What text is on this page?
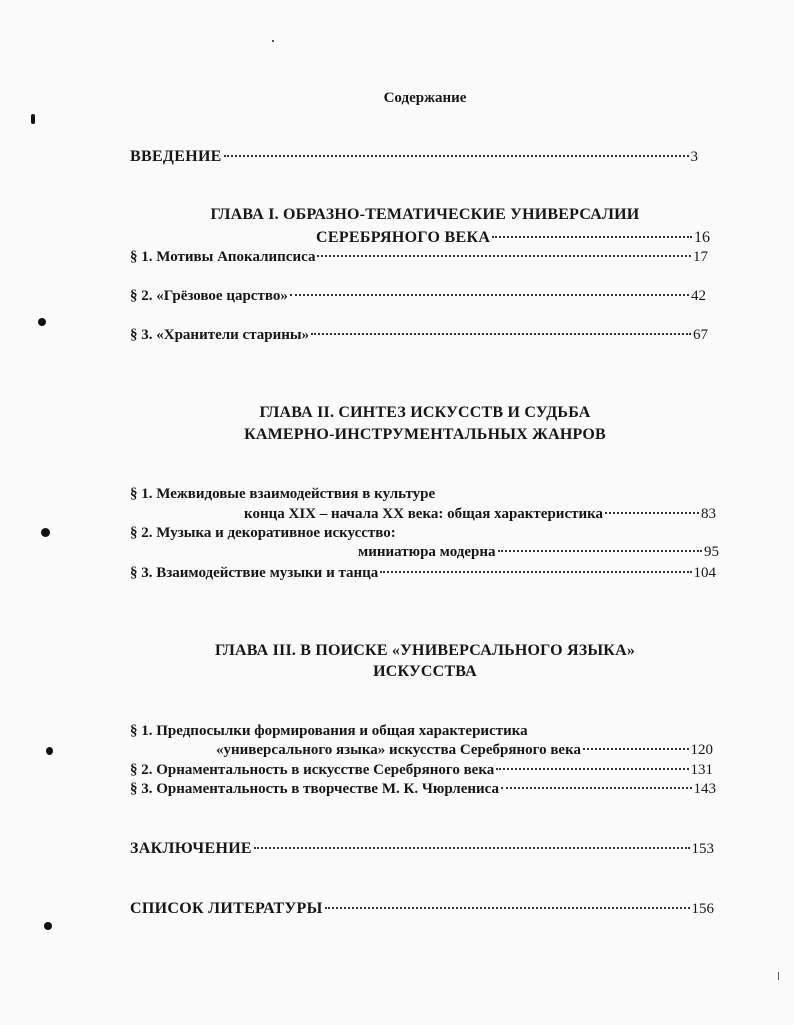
Содержание
ВВЕДЕНИЕ	3
ГЛАВА I. ОБРАЗНО-ТЕМАТИЧЕСКИЕ УНИВЕРСАЛИИ
СЕРЕБРЯНОГО ВЕКА	16
§ 1. Мотивы Апокалипсиса	17
§ 2. «Грёзовое царство»	42
§ 3. «Хранители старины»	67
ГЛАВА II. СИНТЕЗ ИСКУССТВ И СУДЬБА
КАМЕРНО-ИНСТРУМЕНТАЛЬНЫХ ЖАНРОВ
§ 1. Межвидовые взаимодействия в культуре
конца XIX – начала XX века: общая характеристика	83
§ 2. Музыка и декоративное искусство:
миниатюра модерна	95
§ 3. Взаимодействие музыки и танца	104
ГЛАВА III. В ПОИСКЕ «УНИВЕРСАЛЬНОГО ЯЗЫКА»
ИСКУССТВА
§ 1. Предпосылки формирования и общая характеристика
«универсального языка» искусства Серебряного века	120
§ 2. Орнаментальность в искусстве Серебряного века	131
§ 3. Орнаментальность в творчестве М. К. Чюрлениса	143
ЗАКЛЮЧЕНИЕ	153
СПИСОК ЛИТЕРАТУРЫ	156
